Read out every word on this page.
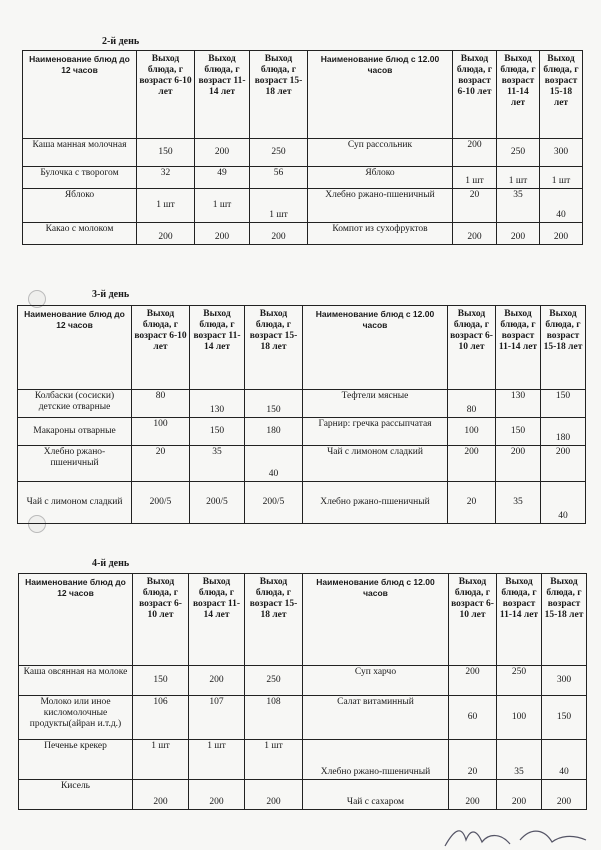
2-й день
Наименование блюд до 12 часов	Выход блюда, г возраст 6-10 лет	Выход блюда, г возраст 11-14 лет	Выход блюда, г возраст 15-18 лет	Наименование блюд с 12.00 часов	Выход блюда, г возраст 6-10 лет	Выход блюда, г возраст 11-14 лет	Выход блюда, г возраст 15-18 лет
Каша манная молочная	150	200	250	Суп рассольник	200	250	300
Булочка с творогом	32	49	56	Яблоко	1 шт	1 шт	1 шт
Яблоко	1 шт	1 шт	1 шт	Хлебно ржано-пшеничный	20	35	40
Какао с молоком	200	200	200	Компот из сухофруктов	200	200	200
3-й день
Наименование блюд до 12 часов	Выход блюда, г возраст 6-10 лет	Выход блюда, г возраст 11-14 лет	Выход блюда, г возраст 15-18 лет	Наименование блюд с 12.00 часов	Выход блюда, г возраст 6-10 лет	Выход блюда, г возраст 11-14 лет	Выход блюда, г возраст 15-18 лет
Колбаски (сосиски) детские отварные	80	130	150	Тефтели мясные	80	130	150
Макароны отварные	100	150	180	Гарнир: гречка рассыпчатая	100	150	180
Хлебно ржано-пшеничный	20	35	40	Чай с лимоном сладкий	200	200	200
Чай с лимоном сладкий	200/5	200/5	200/5	Хлебно ржано-пшеничный	20	35	40
4-й день
Наименование блюд до 12 часов	Выход блюда, г возраст 6-10 лет	Выход блюда, г возраст 11-14 лет	Выход блюда, г возраст 15-18 лет	Наименование блюд с 12.00 часов	Выход блюда, г возраст 6-10 лет	Выход блюда, г возраст 11-14 лет	Выход блюда, г возраст 15-18 лет
Каша овсянная на молоке	150	200	250	Суп харчо	200	250	300
Молоко или иное кисломолочные продукты(айран и.т.д.)	106	107	108	Салат витаминный	60	100	150
Печенье крекер	1 шт	1 шт	1 шт	Хлебно ржано-пшеничный	20	35	40
Кисель	200	200	200	Чай с сахаром	200	200	200
